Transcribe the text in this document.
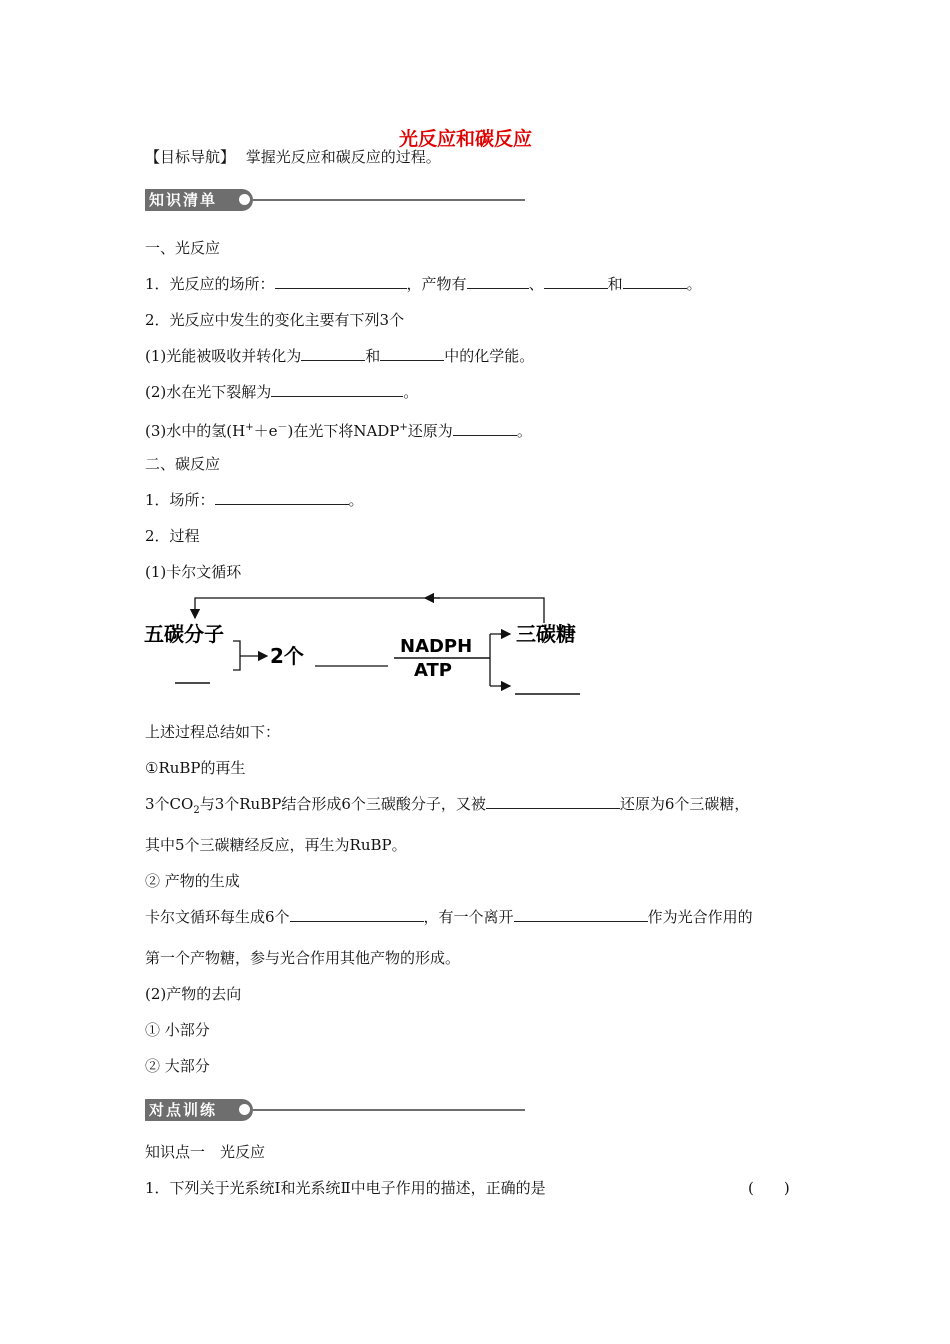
光反应和碳反应
【目标导航】 掌握光反应和碳反应的过程。
知识清单
一、光反应
1．光反应的场所：	，产物有	、	和	。
2．光反应中发生的变化主要有下列3个
(1)光能被吸收并转化为	和	中的化学能。
(2)水在光下裂解为	。
(3)水中的氢(H+＋e－)在光下将NADP+还原为	。
二、碳反应
1．场所：	。
2．过程
(1)卡尔文循环
五碳分子
2个	NADPH
ATP
三碳糖
上述过程总结如下：
①RuBP的再生
3个$CO_2$与3个RuBP结合形成6个三碳酸分子，又被	还原为6个三碳糖，
其中5个三碳糖经反应，再生为RuBP。
② 产物的生成
卡尔文循环每生成6个	，有一个离开	作为光合作用的
第一个产物糖，参与光合作用其他产物的形成。
(2)产物的去向
① 小部分
② 大部分
对点训练
知识点一　光反应
1．下列关于光系统Ⅰ和光系统Ⅱ中电子作用的描述，正确的是	(　　)
